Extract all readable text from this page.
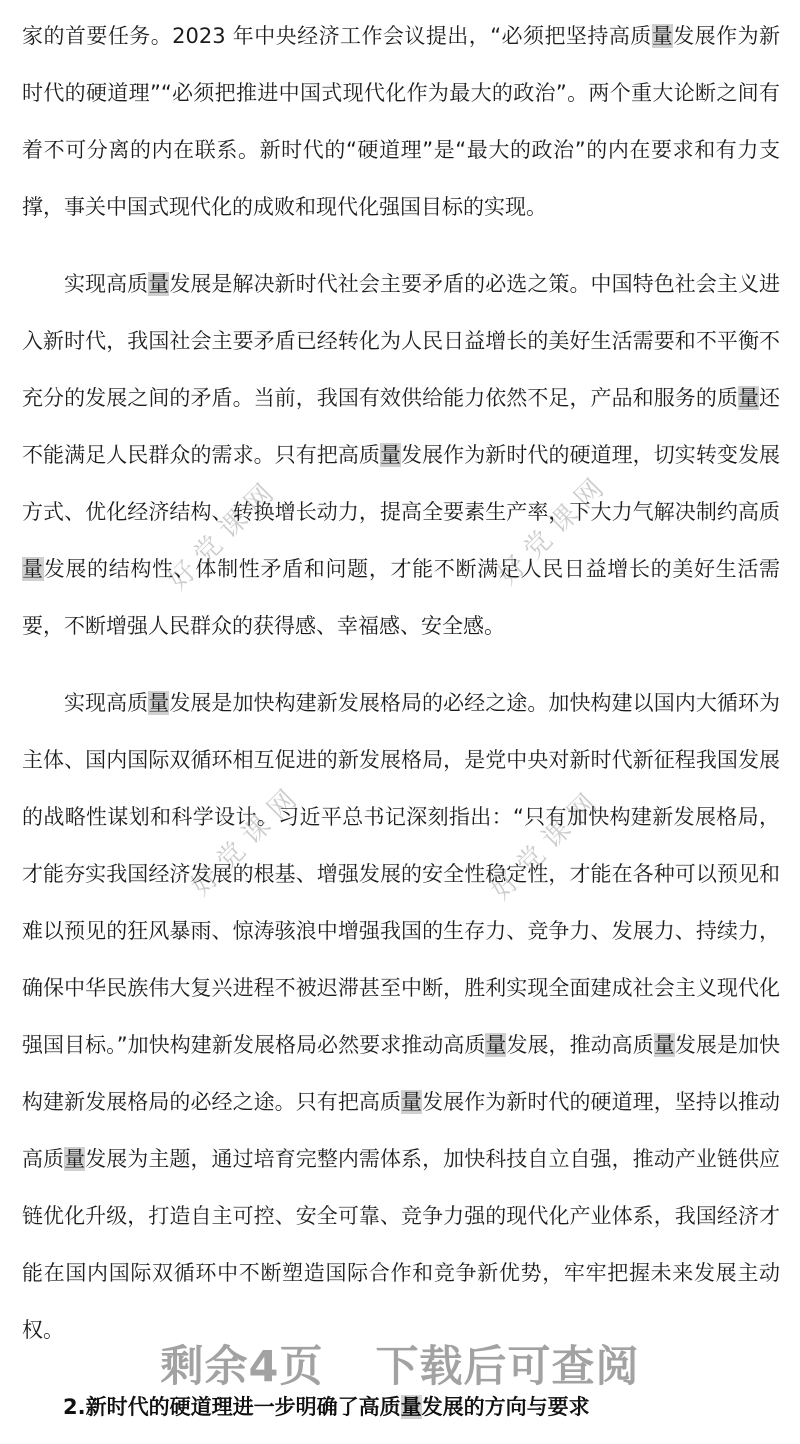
好党课网	好党课网
好党课网	好党课网

家的首要任务。2023 年中央经济工作会议提出，“必须把坚持高质量发展作为新时代的硬道理”“必须把推进中国式现代化作为最大的政治”。两个重大论断之间有着不可分离的内在联系。新时代的“硬道理”是“最大的政治”的内在要求和有力支撑，事关中国式现代化的成败和现代化强国目标的实现。

实现高质量发展是解决新时代社会主要矛盾的必选之策。中国特色社会主义进入新时代，我国社会主要矛盾已经转化为人民日益增长的美好生活需要和不平衡不充分的发展之间的矛盾。当前，我国有效供给能力依然不足，产品和服务的质量还不能满足人民群众的需求。只有把高质量发展作为新时代的硬道理，切实转变发展方式、优化经济结构、转换增长动力，提高全要素生产率，下大力气解决制约高质量发展的结构性、体制性矛盾和问题，才能不断满足人民日益增长的美好生活需要，不断增强人民群众的获得感、幸福感、安全感。

实现高质量发展是加快构建新发展格局的必经之途。加快构建以国内大循环为主体、国内国际双循环相互促进的新发展格局，是党中央对新时代新征程我国发展的战略性谋划和科学设计。习近平总书记深刻指出：“只有加快构建新发展格局，才能夯实我国经济发展的根基、增强发展的安全性稳定性，才能在各种可以预见和难以预见的狂风暴雨、惊涛骇浪中增强我国的生存力、竞争力、发展力、持续力，确保中华民族伟大复兴进程不被迟滞甚至中断，胜利实现全面建成社会主义现代化强国目标。”加快构建新发展格局必然要求推动高质量发展，推动高质量发展是加快构建新发展格局的必经之途。只有把高质量发展作为新时代的硬道理，坚持以推动高质量发展为主题，通过培育完整内需体系，加快科技自立自强，推动产业链供应链优化升级，打造自主可控、安全可靠、竞争力强的现代化产业体系，我国经济才能在国内国际双循环中不断塑造国际合作和竞争新优势，牢牢把握未来发展主动权。

2.新时代的硬道理进一步明确了高质量发展的方向与要求
剩余4页 下载后可查阅
